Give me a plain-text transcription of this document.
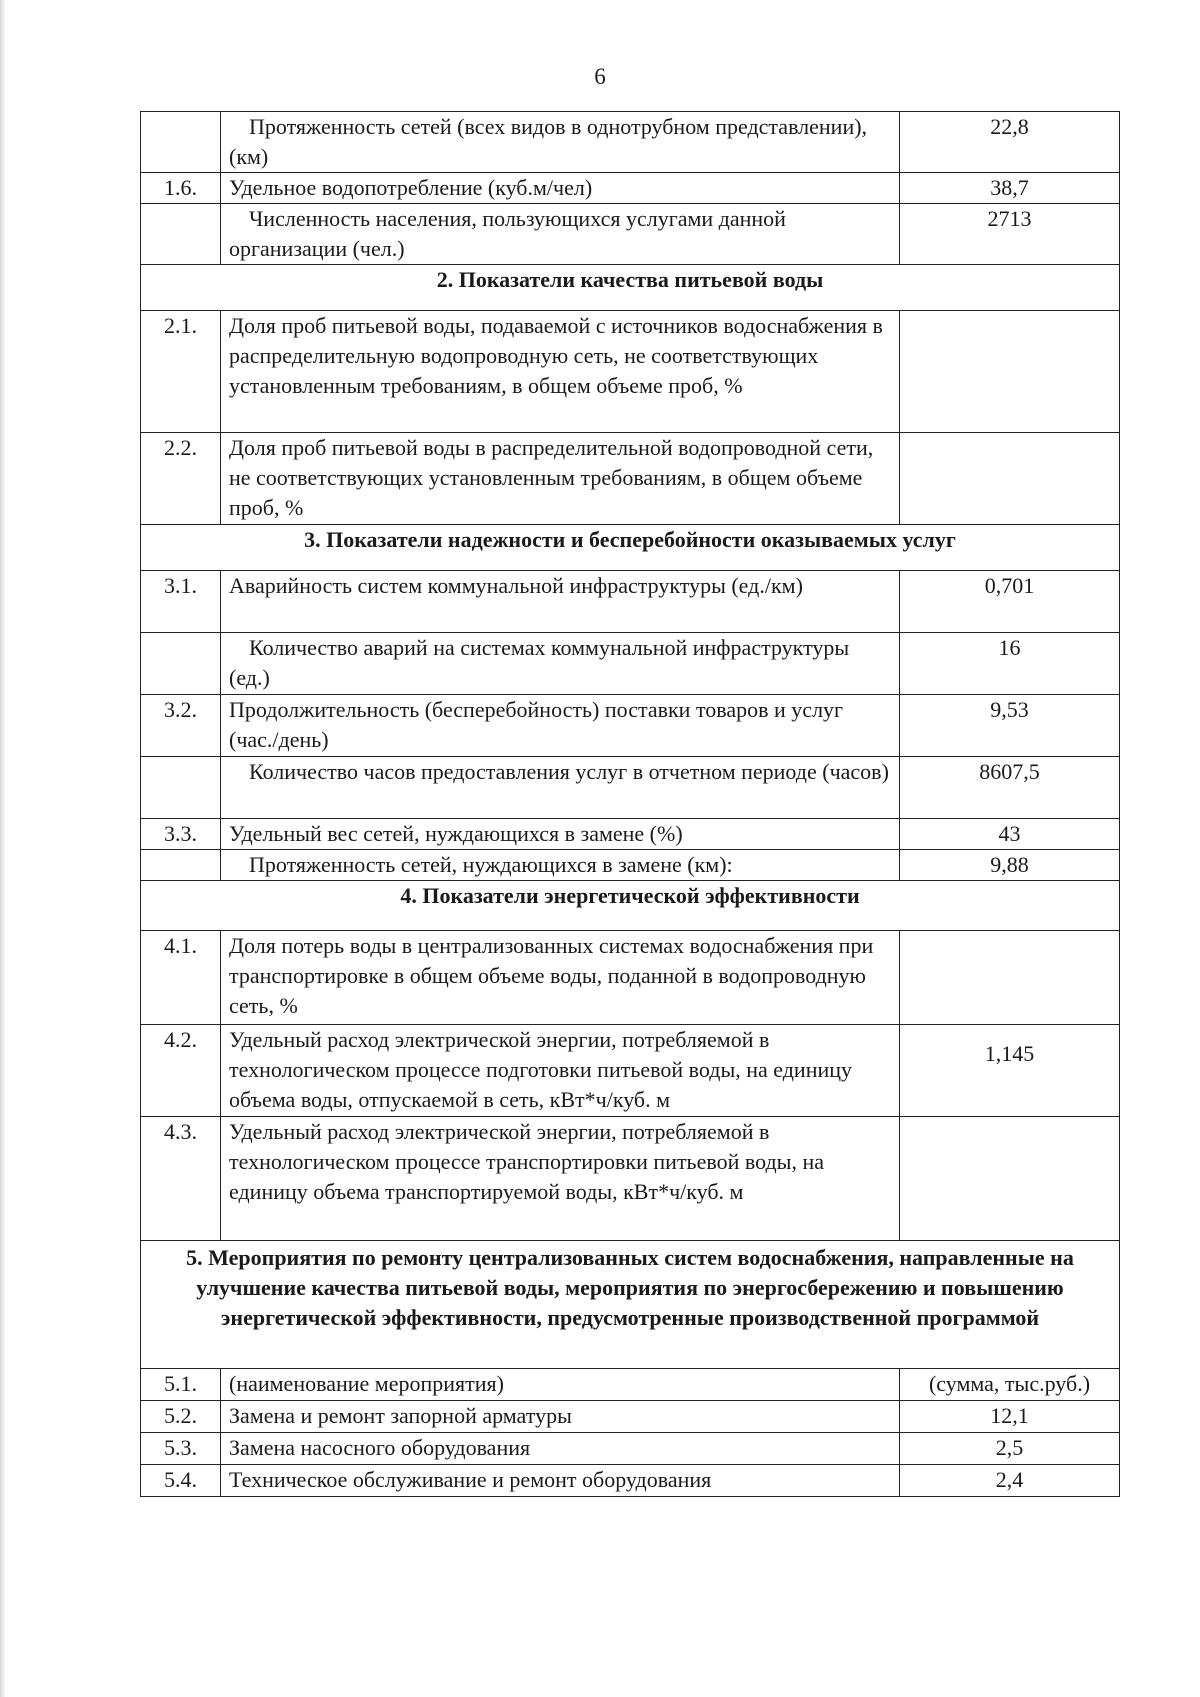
6
	Протяженность сетей (всех видов в однотрубном представлении), (км)	22,8
1.6.	Удельное водопотребление (куб.м/чел)	38,7
	Численность населения, пользующихся услугами данной организации (чел.)	2713
2. Показатели качества питьевой воды		
2.1.	Доля проб питьевой воды, подаваемой с источников водоснабжения в распределительную водопроводную сеть, не соответствующих установленным требованиям, в общем объеме проб, %	
2.2.	Доля проб питьевой воды в распределительной водопроводной сети, не соответствующих установленным требованиям, в общем объеме проб, %	
3. Показатели надежности и бесперебойности оказываемых услуг		
3.1.	Аварийность систем коммунальной инфраструктуры (ед./км)	0,701
	Количество аварий на системах коммунальной инфраструктуры (ед.)	16
3.2.	Продолжительность (бесперебойность) поставки товаров и услуг (час./день)	9,53
	Количество часов предоставления услуг в отчетном периоде (часов)	8607,5
3.3.	Удельный вес сетей, нуждающихся в замене (%)	43
	Протяженность сетей, нуждающихся в замене (км):	9,88
4. Показатели энергетической эффективности		
4.1.	Доля потерь воды в централизованных системах водоснабжения при транспортировке в общем объеме воды, поданной в водопроводную сеть, %	
4.2.	Удельный расход электрической энергии, потребляемой в технологическом процессе подготовки питьевой воды, на единицу объема воды, отпускаемой в сеть, кВт*ч/куб. м	1,145
4.3.	Удельный расход электрической энергии, потребляемой в технологическом процессе транспортировки питьевой воды, на единицу объема транспортируемой воды, кВт*ч/куб. м	
5. Мероприятия по ремонту централизованных систем водоснабжения, направленные на улучшение качества питьевой воды, мероприятия по энергосбережению и повышению энергетической эффективности, предусмотренные производственной программой		
5.1.	(наименование мероприятия)	(сумма, тыс.руб.)
5.2.	Замена и ремонт запорной арматуры	12,1
5.3.	Замена насосного оборудования	2,5
5.4.	Техническое обслуживание и ремонт оборудования	2,4
